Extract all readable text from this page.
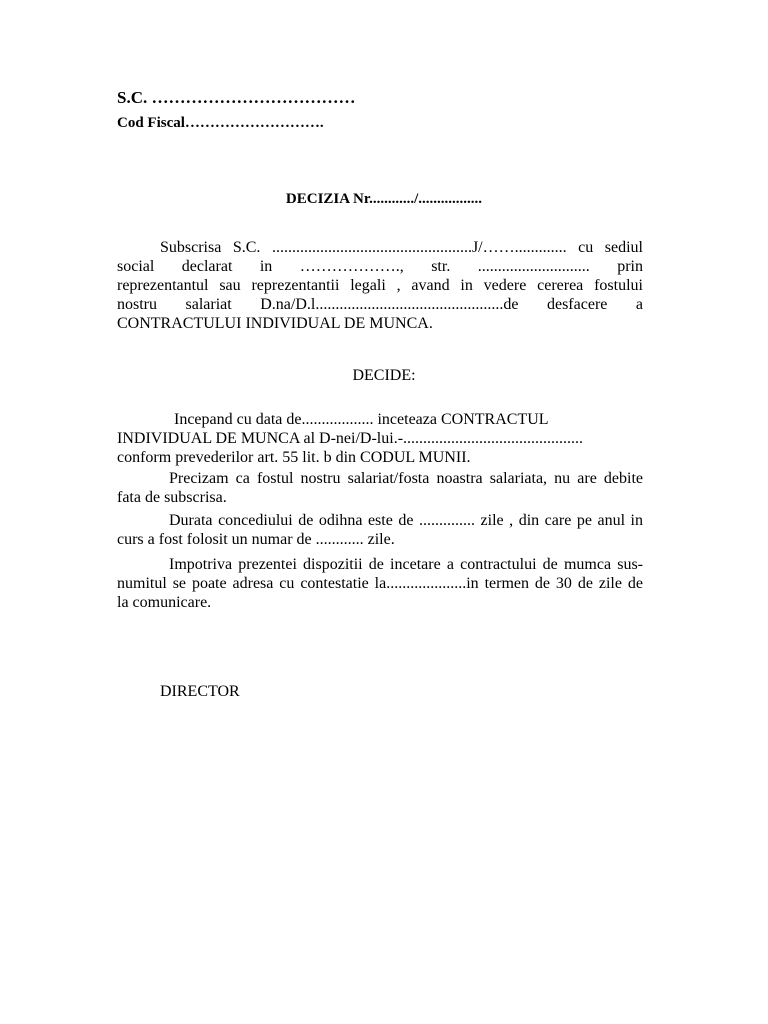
S.C. ………………………………
Cod Fiscal……………………….
DECIZIA Nr............/.................
Subscrisa S.C. ..................................................J/……............. cu sediul
social declarat in ………………., str. ............................ prin
reprezentantul sau reprezentantii legali , avand in vedere cererea fostului
nostru salariat D.na/D.l...............................................de desfacere a
CONTRACTULUI INDIVIDUAL DE MUNCA.
DECIDE:
Incepand cu data de.................. inceteaza CONTRACTUL
INDIVIDUAL DE MUNCA al D-nei/D-lui.-.............................................
conform prevederilor art. 55 lit. b din CODUL MUNII.
Precizam ca fostul nostru salariat/fosta noastra salariata, nu are debite
fata de subscrisa.
Durata concediului de odihna este de .............. zile , din care pe anul in
curs a fost folosit un numar de ............ zile.
Impotriva prezentei dispozitii de incetare a contractului de mumca sus-
numitul se poate adresa cu contestatie la....................in termen de 30 de zile de
la comunicare.
DIRECTOR
